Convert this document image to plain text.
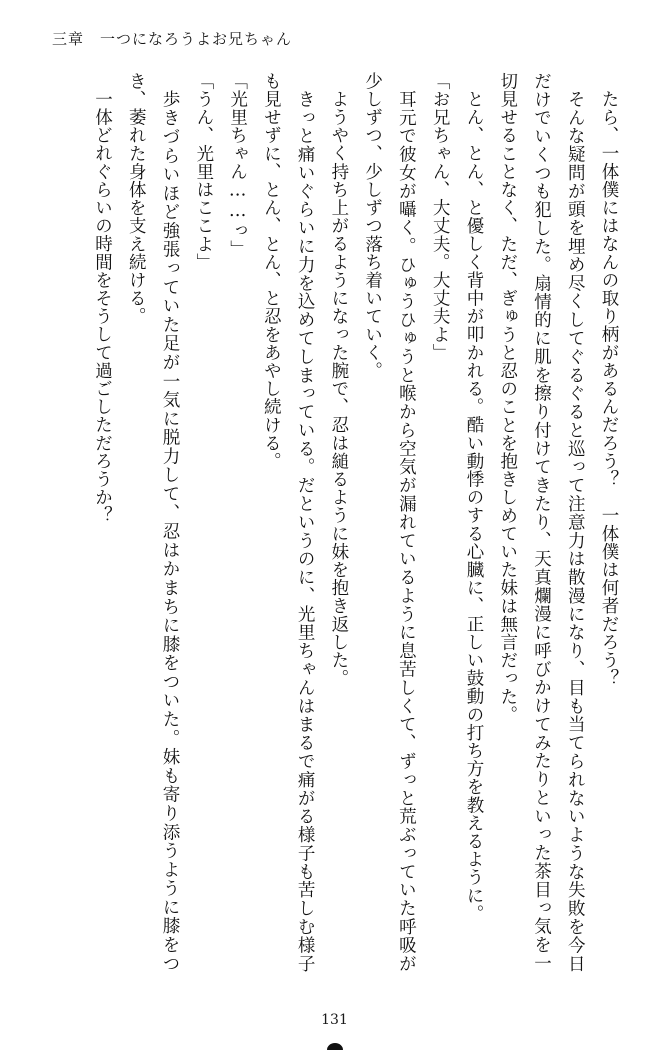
三章 一つになろうよお兄ちゃん

たら、一体僕にはなんの取り柄があるんだろう？　一体僕は何者だろう？

そんな疑問が頭を埋め尽くしてぐるぐると巡って注意力は散漫になり、目も当てられないような失敗を今日だけでいくつも犯した。扇情的に肌を擦り付けてきたり、天真爛漫に呼びかけてみたりといった茶目っ気を一切見せることなく、ただ、ぎゅうと忍のことを抱きしめていた妹は無言だった。

とん、とん、と優しく背中が叩かれる。酷い動悸のする心臓に、正しい鼓動の打ち方を教えるように。

「お兄ちゃん、大丈夫。大丈夫よ」

耳元で彼女が囁く。ひゅうひゅうと喉から空気が漏れているように息苦しくて、ずっと荒ぶっていた呼吸が少しずつ、少しずつ落ち着いていく。

ようやく持ち上がるようになった腕で、忍は縋るように妹を抱き返した。

きっと痛いぐらいに力を込めてしまっている。だというのに、光里ちゃんはまるで痛がる様子も苦しむ様子も見せずに、とん、とん、と忍をあやし続ける。

「光里ちゃん……っ」

「うん、光里はここよ」

歩きづらいほど強張っていた足が一気に脱力して、忍はかまちに膝をついた。妹も寄り添うように膝をつき、萎れた身体を支え続ける。

一体どれぐらいの時間をそうして過ごしただろうか？

131
